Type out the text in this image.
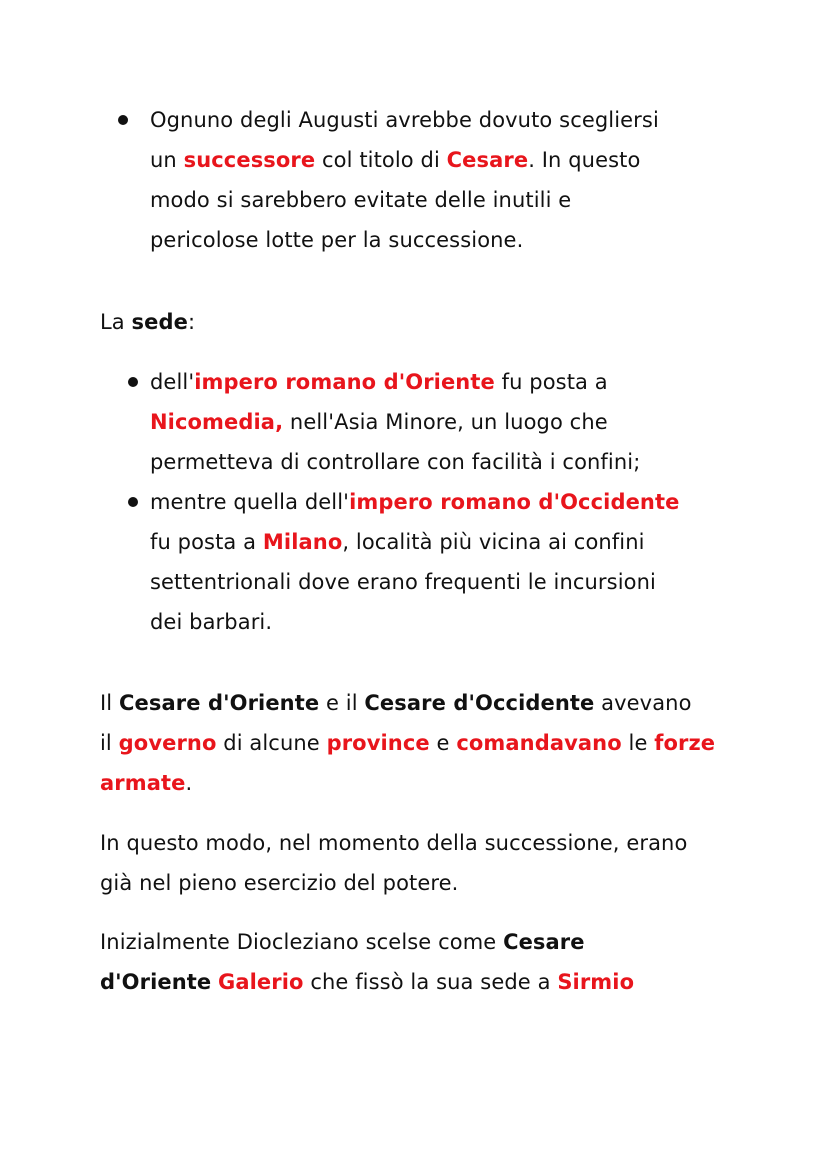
Ognuno degli Augusti avrebbe dovuto scegliersi
un successore col titolo di Cesare. In questo
modo si sarebbero evitate delle inutili e
pericolose lotte per la successione.
La sede:
dell'impero romano d'Oriente fu posta a
Nicomedia, nell'Asia Minore, un luogo che
permetteva di controllare con facilità i confini;
mentre quella dell'impero romano d'Occidente
fu posta a Milano, località più vicina ai confini
settentrionali dove erano frequenti le incursioni
dei barbari.
Il Cesare d'Oriente e il Cesare d'Occidente avevano
il governo di alcune province e comandavano le forze
armate.
In questo modo, nel momento della successione, erano
già nel pieno esercizio del potere.
Inizialmente Diocleziano scelse come Cesare
d'Oriente Galerio che fissò la sua sede a Sirmio
